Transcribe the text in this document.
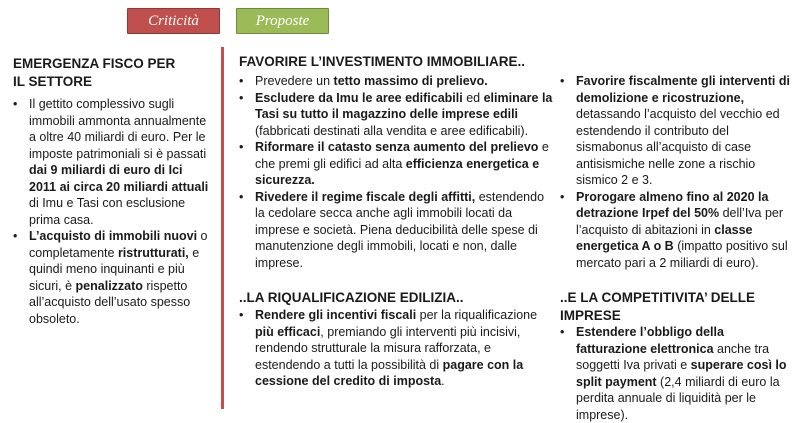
Criticità	Proposte
EMERGENZA FISCO PER
IL SETTORE
• Il gettito complessivo sugli immobili ammonta annualmente a oltre 40 miliardi di euro. Per le imposte patrimoniali si è passati dai 9 miliardi di euro di Ici 2011 ai circa 20 miliardi attuali di Imu e Tasi con esclusione prima casa.
• L’acquisto di immobili nuovi o completamente ristrutturati, e quindi meno inquinanti e più sicuri, è penalizzato rispetto all’acquisto dell’usato spesso obsoleto.
FAVORIRE L’INVESTIMENTO IMMOBILIARE..
• Prevedere un tetto massimo di prelievo.
• Escludere da Imu le aree edificabili ed eliminare la Tasi su tutto il magazzino delle imprese edili (fabbricati destinati alla vendita e aree edificabili).
• Riformare il catasto senza aumento del prelievo e che premi gli edifici ad alta efficienza energetica e sicurezza.
• Rivedere il regime fiscale degli affitti, estendendo la cedolare secca anche agli immobili locati da imprese e società. Piena deducibilità delle spese di manutenzione degli immobili, locati e non, dalle imprese.
..LA RIQUALIFICAZIONE EDILIZIA..
• Rendere gli incentivi fiscali per la riqualificazione più efficaci, premiando gli interventi più incisivi, rendendo strutturale la misura rafforzata, e estendendo a tutti la possibilità di pagare con la cessione del credito di imposta.
• Favorire fiscalmente gli interventi di demolizione e ricostruzione, detassando l’acquisto del vecchio ed estendendo il contributo del sismabonus all’acquisto di case antisismiche nelle zone a rischio sismico 2 e 3.
• Prorogare almeno fino al 2020 la detrazione Irpef del 50% dell’Iva per l’acquisto di abitazioni in classe energetica A o B (impatto positivo sul mercato pari a 2 miliardi di euro).
..E LA COMPETITIVITA’ DELLE
IMPRESE
• Estendere l’obbligo della fatturazione elettronica anche tra soggetti Iva privati e superare così lo split payment (2,4 miliardi di euro la perdita annuale di liquidità per le imprese).
